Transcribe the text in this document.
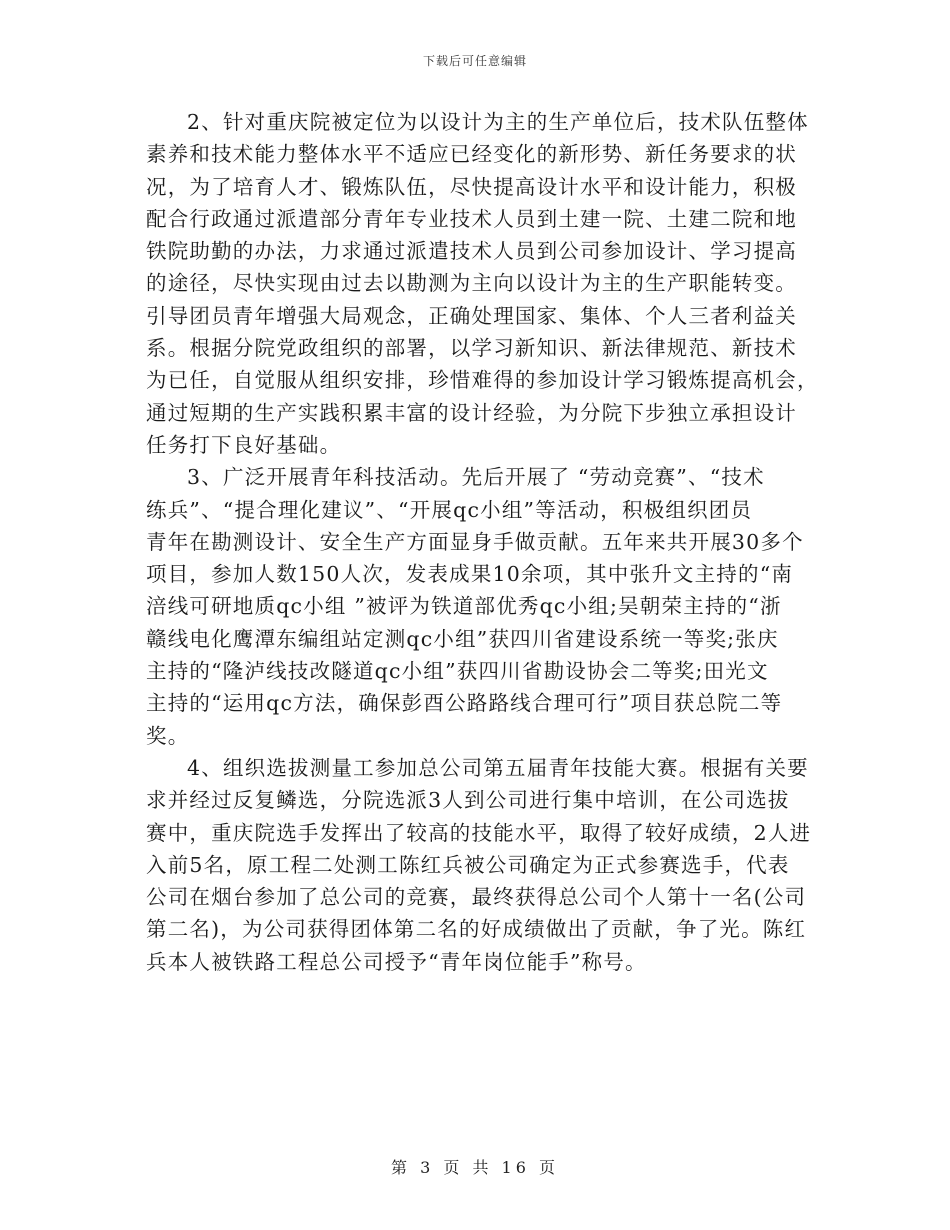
下载后可任意编辑
2、针对重庆院被定位为以设计为主的生产单位后，技术队伍整体
素养和技术能力整体水平不适应已经变化的新形势、新任务要求的状
况，为了培育人才、锻炼队伍，尽快提高设计水平和设计能力，积极
配合行政通过派遣部分青年专业技术人员到土建一院、土建二院和地
铁院助勤的办法，力求通过派遣技术人员到公司参加设计、学习提高
的途径，尽快实现由过去以勘测为主向以设计为主的生产职能转变。
引导团员青年增强大局观念，正确处理国家、集体、个人三者利益关
系。根据分院党政组织的部署，以学习新知识、新法律规范、新技术
为已任，自觉服从组织安排，珍惜难得的参加设计学习锻炼提高机会，
通过短期的生产实践积累丰富的设计经验，为分院下步独立承担设计
任务打下良好基础。
3、广泛开展青年科技活动。先后开展了 “劳动竞赛”、“技术
练兵”、“提合理化建议”、“开展qc小组”等活动，积极组织团员
青年在勘测设计、安全生产方面显身手做贡献。五年来共开展30多个
项目，参加人数150人次，发表成果10余项，其中张升文主持的“南
涪线可研地质qc小组 ”被评为铁道部优秀qc小组;吴朝荣主持的“浙
赣线电化鹰潭东编组站定测qc小组”获四川省建设系统一等奖;张庆
主持的“隆泸线技改隧道qc小组”获四川省勘设协会二等奖;田光文
主持的“运用qc方法，确保彭酉公路路线合理可行”项目获总院二等
奖。
4、组织选拔测量工参加总公司第五届青年技能大赛。根据有关要
求并经过反复鳞选，分院选派3人到公司进行集中培训，在公司选拔
赛中，重庆院选手发挥出了较高的技能水平，取得了较好成绩，2人进
入前5名，原工程二处测工陈红兵被公司确定为正式参赛选手，代表
公司在烟台参加了总公司的竞赛，最终获得总公司个人第十一名(公司
第二名)，为公司获得团体第二名的好成绩做出了贡献，争了光。陈红
兵本人被铁路工程总公司授予“青年岗位能手”称号。
第 3 页 共 16 页
